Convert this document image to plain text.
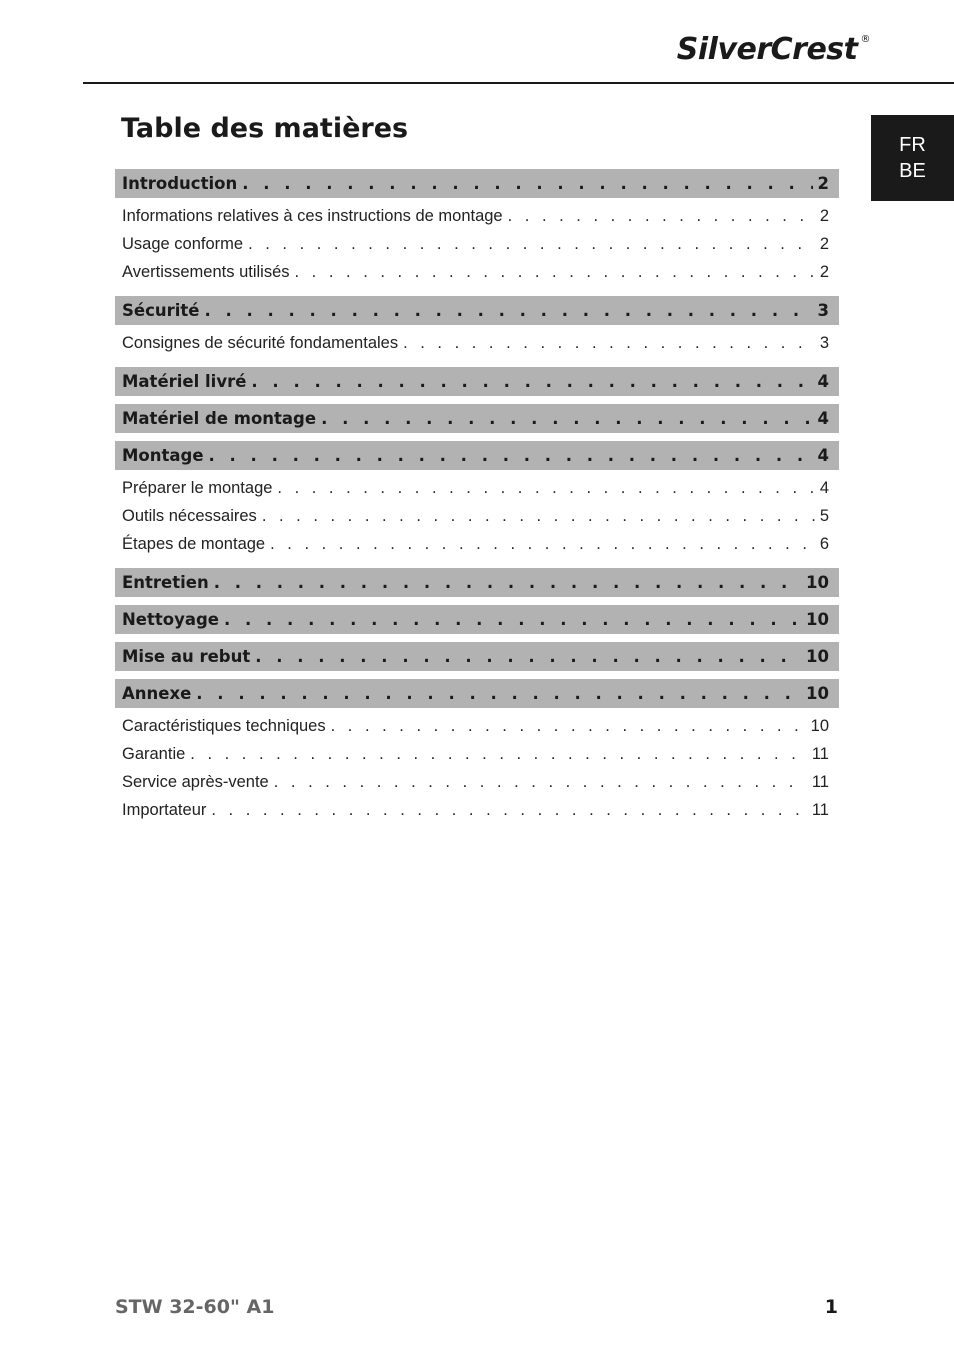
SilverCrest ®
FR
BE
Table des matières
Introduction . . .	2
Informations relatives à ces instructions de montage . . .	2
Usage conforme . . .	2
Avertissements utilisés . . .	2
Sécurité . . .	3
Consignes de sécurité fondamentales . . .	3
Matériel livré . . .	4
Matériel de montage . . .	4
Montage . . .	4
Préparer le montage . . .	4
Outils nécessaires . . .	5
Étapes de montage . . .	6
Entretien . . .	10
Nettoyage . . .	10
Mise au rebut . . .	10
Annexe . . .	10
Caractéristiques techniques . . .	10
Garantie . . .	11
Service après-vente . . .	11
Importateur . . .	11
STW 32-60" A1	1
